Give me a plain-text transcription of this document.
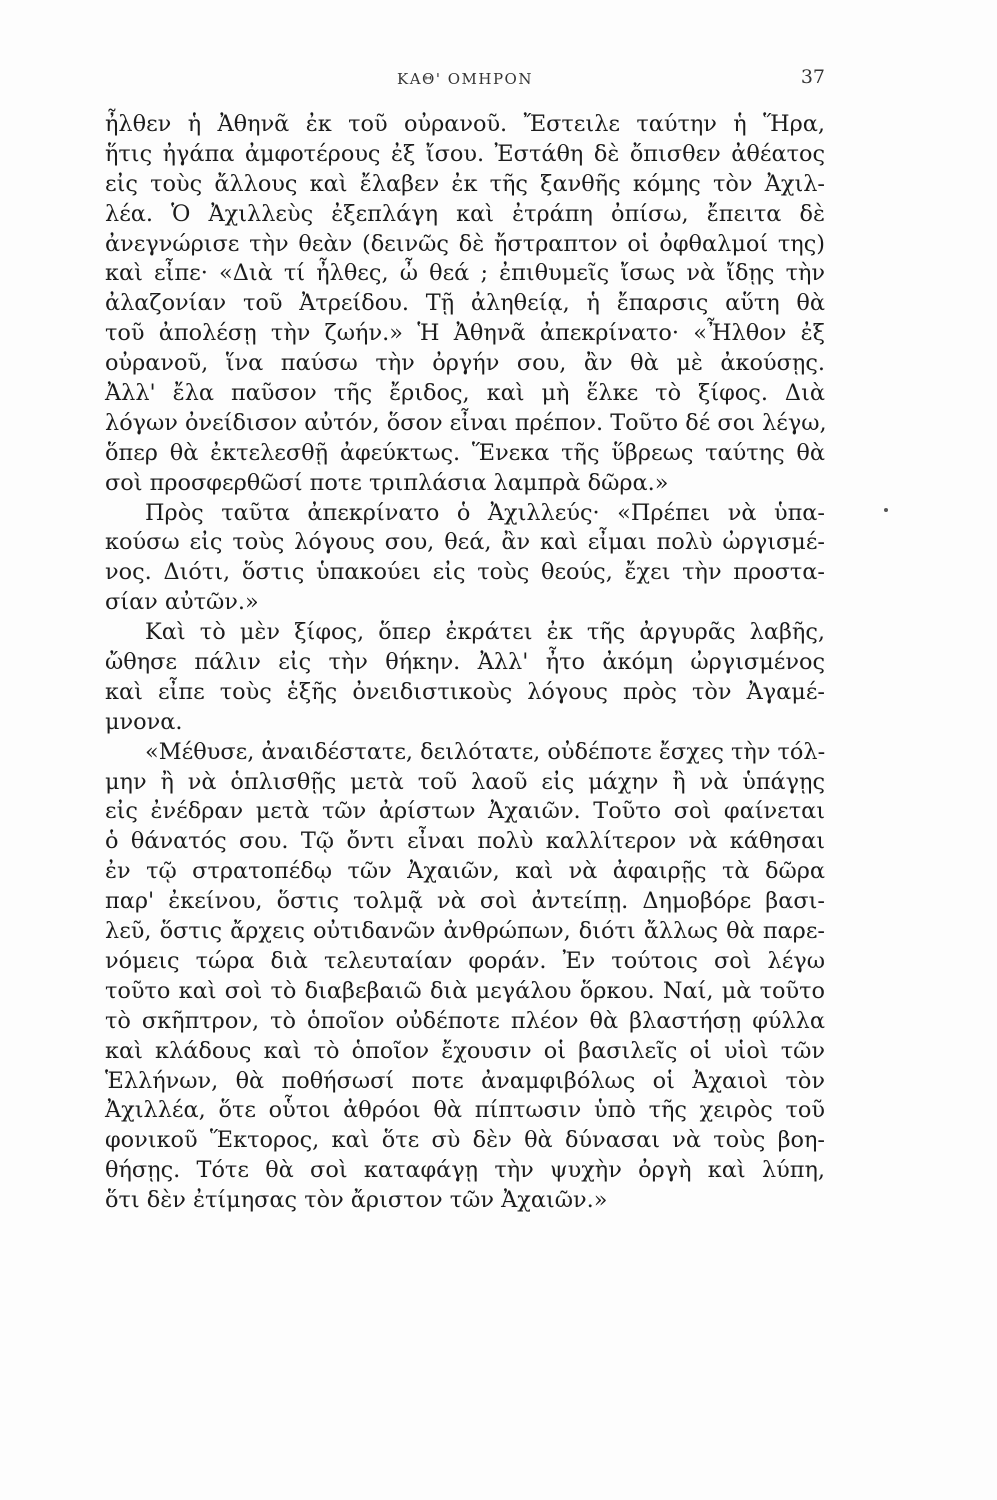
ΚΑΘ' ΟΜΗΡΟΝ	37
ἦλθεν ἡ Ἀθηνᾶ ἐκ τοῦ οὐρανοῦ. Ἔστειλε ταύτην ἡ Ἥρα,
ἥτις ἠγάπα ἀμφοτέρους ἐξ ἴσου. Ἐστάθη δὲ ὄπισθεν ἀθέατος
εἰς τοὺς ἄλλους καὶ ἔλαβεν ἐκ τῆς ξανθῆς κόμης τὸν Ἀχιλ-
λέα. Ὁ Ἀχιλλεὺς ἐξεπλάγη καὶ ἐτράπη ὀπίσω, ἔπειτα δὲ
ἀνεγνώρισε τὴν θεὰν (δεινῶς δὲ ἤστραπτον οἱ ὀφθαλμοί της)
καὶ εἶπε· «Διὰ τί ἦλθες, ὦ θεά ; ἐπιθυμεῖς ἴσως νὰ ἴδῃς τὴν
ἀλαζονίαν τοῦ Ἀτρείδου. Τῇ ἀληθείᾳ, ἡ ἔπαρσις αὕτη θὰ
τοῦ ἀπολέσῃ τὴν ζωήν.» Ἡ Ἀθηνᾶ ἀπεκρίνατο· «Ἦλθον ἐξ
οὐρανοῦ, ἵνα παύσω τὴν ὀργήν σου, ἂν θὰ μὲ ἀκούσῃς.
Ἀλλ' ἔλα παῦσον τῆς ἔριδος, καὶ μὴ ἕλκε τὸ ξίφος. Διὰ
λόγων ὀνείδισον αὐτόν, ὅσον εἶναι πρέπον. Τοῦτο δέ σοι λέγω,
ὅπερ θὰ ἐκτελεσθῇ ἀφεύκτως. Ἕνεκα τῆς ὕβρεως ταύτης θὰ
σοὶ προσφερθῶσί ποτε τριπλάσια λαμπρὰ δῶρα.»
Πρὸς ταῦτα ἀπεκρίνατο ὁ Ἀχιλλεύς· «Πρέπει νὰ ὑπα-
κούσω εἰς τοὺς λόγους σου, θεά, ἂν καὶ εἶμαι πολὺ ὠργισμέ-
νος. Διότι, ὅστις ὑπακούει εἰς τοὺς θεούς, ἔχει τὴν προστα-
σίαν αὐτῶν.»
Καὶ τὸ μὲν ξίφος, ὅπερ ἐκράτει ἐκ τῆς ἀργυρᾶς λαβῆς,
ὤθησε πάλιν εἰς τὴν θήκην. Ἀλλ' ἦτο ἀκόμη ὠργισμένος
καὶ εἶπε τοὺς ἑξῆς ὀνειδιστικοὺς λόγους πρὸς τὸν Ἀγαμέ-
μνονα.
«Μέθυσε, ἀναιδέστατε, δειλότατε, οὐδέποτε ἔσχες τὴν τόλ-
μην ἢ νὰ ὁπλισθῇς μετὰ τοῦ λαοῦ εἰς μάχην ἢ νὰ ὑπάγῃς
εἰς ἐνέδραν μετὰ τῶν ἀρίστων Ἀχαιῶν. Τοῦτο σοὶ φαίνεται
ὁ θάνατός σου. Τῷ ὄντι εἶναι πολὺ καλλίτερον νὰ κάθησαι
ἐν τῷ στρατοπέδῳ τῶν Ἀχαιῶν, καὶ νὰ ἀφαιρῇς τὰ δῶρα
παρ' ἐκείνου, ὅστις τολμᾷ νὰ σοὶ ἀντείπῃ. Δημοβόρε βασι-
λεῦ, ὅστις ἄρχεις οὐτιδανῶν ἀνθρώπων, διότι ἄλλως θὰ παρε-
νόμεις τώρα διὰ τελευταίαν φοράν. Ἐν τούτοις σοὶ λέγω
τοῦτο καὶ σοὶ τὸ διαβεβαιῶ διὰ μεγάλου ὅρκου. Ναί, μὰ τοῦτο
τὸ σκῆπτρον, τὸ ὁποῖον οὐδέποτε πλέον θὰ βλαστήσῃ φύλλα
καὶ κλάδους καὶ τὸ ὁποῖον ἔχουσιν οἱ βασιλεῖς οἱ υἱοὶ τῶν
Ἑλλήνων, θὰ ποθήσωσί ποτε ἀναμφιβόλως οἱ Ἀχαιοὶ τὸν
Ἀχιλλέα, ὅτε οὗτοι ἀθρόοι θὰ πίπτωσιν ὑπὸ τῆς χειρὸς τοῦ
φονικοῦ Ἕκτορος, καὶ ὅτε σὺ δὲν θὰ δύνασαι νὰ τοὺς βοη-
θήσῃς. Τότε θὰ σοὶ καταφάγῃ τὴν ψυχὴν ὀργὴ καὶ λύπη,
ὅτι δὲν ἐτίμησας τὸν ἄριστον τῶν Ἀχαιῶν.»
